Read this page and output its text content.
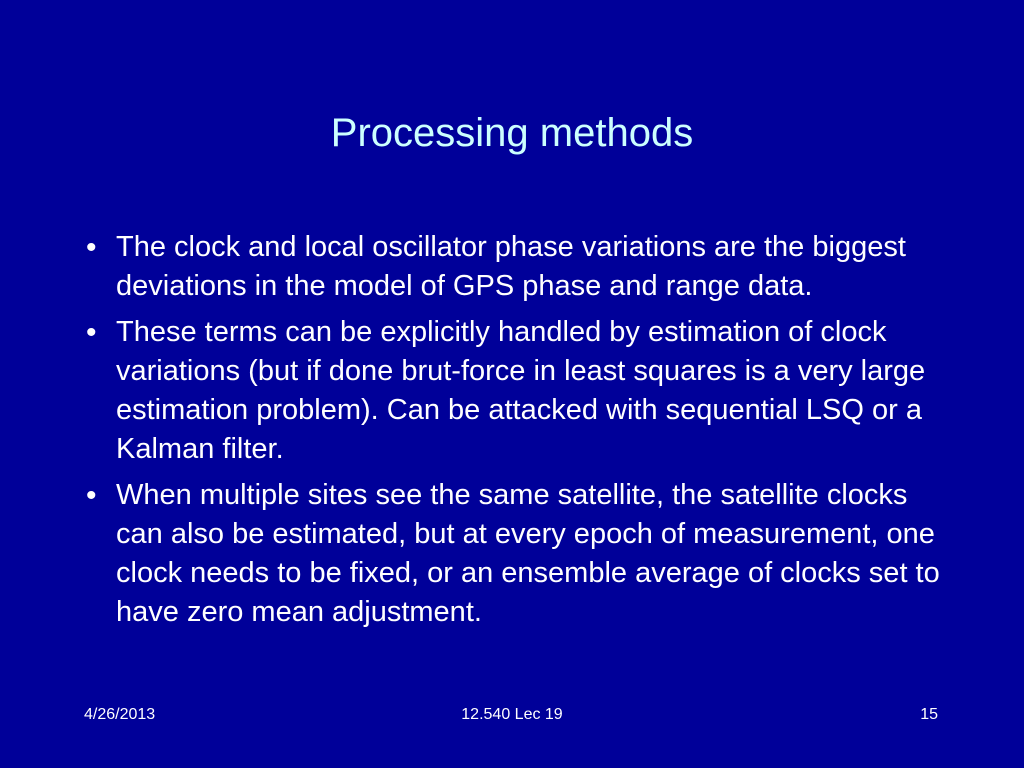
Processing methods
• The clock and local oscillator phase variations are the biggest deviations in the model of GPS phase and range data.
• These terms can be explicitly handled by estimation of clock variations (but if done brut-force in least squares is a very large estimation problem). Can be attacked with sequential LSQ or a Kalman filter.
• When multiple sites see the same satellite, the satellite clocks can also be estimated, but at every epoch of measurement, one clock needs to be fixed, or an ensemble average of clocks set to have zero mean adjustment.
4/26/2013	12.540 Lec 19	15
